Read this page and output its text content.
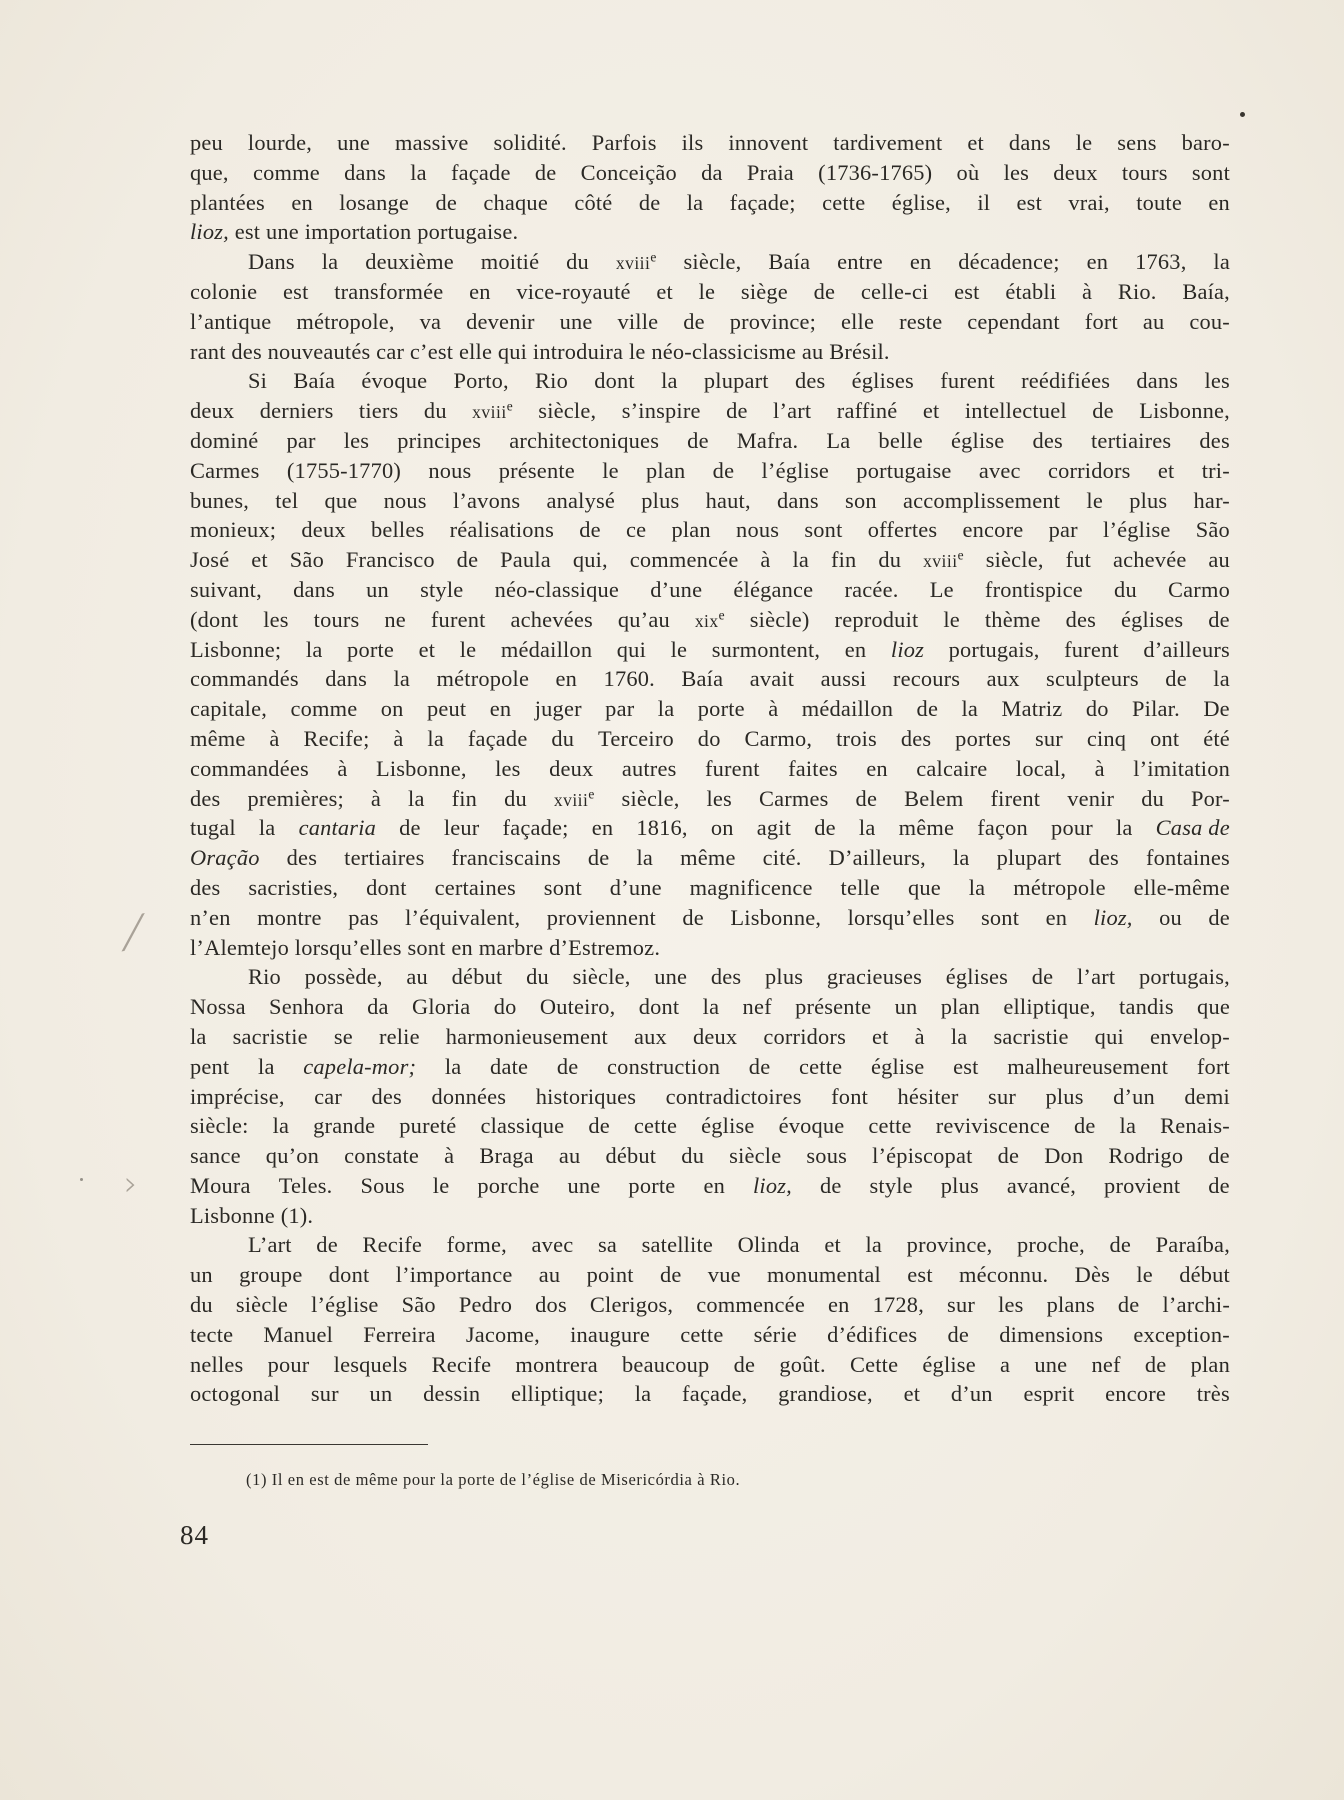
peu lourde, une massive solidité. Parfois ils innovent tardivement et dans le sens baro-
que, comme dans la façade de Conceição da Praia (1736-1765) où les deux tours sont
plantées en losange de chaque côté de la façade; cette église, il est vrai, toute en
lioz, est une importation portugaise.
Dans la deuxième moitié du xviii$^e$ siècle, Baía entre en décadence; en 1763, la
colonie est transformée en vice-royauté et le siège de celle-ci est établi à Rio. Baía,
l’antique métropole, va devenir une ville de province; elle reste cependant fort au cou-
rant des nouveautés car c’est elle qui introduira le néo-classicisme au Brésil.
Si Baía évoque Porto, Rio dont la plupart des églises furent reédifiées dans les
deux derniers tiers du xviii$^e$ siècle, s’inspire de l’art raffiné et intellectuel de Lisbonne,
dominé par les principes architectoniques de Mafra. La belle église des tertiaires des
Carmes (1755-1770) nous présente le plan de l’église portugaise avec corridors et tri-
bunes, tel que nous l’avons analysé plus haut, dans son accomplissement le plus har-
monieux; deux belles réalisations de ce plan nous sont offertes encore par l’église São
José et São Francisco de Paula qui, commencée à la fin du xviii$^e$ siècle, fut achevée au
suivant, dans un style néo-classique d’une élégance racée. Le frontispice du Carmo
(dont les tours ne furent achevées qu’au xix$^e$ siècle) reproduit le thème des églises de
Lisbonne; la porte et le médaillon qui le surmontent, en lioz portugais, furent d’ailleurs
commandés dans la métropole en 1760. Baía avait aussi recours aux sculpteurs de la
capitale, comme on peut en juger par la porte à médaillon de la Matriz do Pilar. De
même à Recife; à la façade du Terceiro do Carmo, trois des portes sur cinq ont été
commandées à Lisbonne, les deux autres furent faites en calcaire local, à l’imitation
des premières; à la fin du xviii$^e$ siècle, les Carmes de Belem firent venir du Por-
tugal la cantaria de leur façade; en 1816, on agit de la même façon pour la Casa de
Oração des tertiaires franciscains de la même cité. D’ailleurs, la plupart des fontaines
des sacristies, dont certaines sont d’une magnificence telle que la métropole elle-même
n’en montre pas l’équivalent, proviennent de Lisbonne, lorsqu’elles sont en lioz, ou de
l’Alemtejo lorsqu’elles sont en marbre d’Estremoz.
Rio possède, au début du siècle, une des plus gracieuses églises de l’art portugais,
Nossa Senhora da Gloria do Outeiro, dont la nef présente un plan elliptique, tandis que
la sacristie se relie harmonieusement aux deux corridors et à la sacristie qui envelop-
pent la capela-mor; la date de construction de cette église est malheureusement fort
imprécise, car des données historiques contradictoires font hésiter sur plus d’un demi
siècle: la grande pureté classique de cette église évoque cette reviviscence de la Renais-
sance qu’on constate à Braga au début du siècle sous l’épiscopat de Don Rodrigo de
Moura Teles. Sous le porche une porte en lioz, de style plus avancé, provient de
Lisbonne (1).
L’art de Recife forme, avec sa satellite Olinda et la province, proche, de Paraíba,
un groupe dont l’importance au point de vue monumental est méconnu. Dès le début
du siècle l’église São Pedro dos Clerigos, commencée en 1728, sur les plans de l’archi-
tecte Manuel Ferreira Jacome, inaugure cette série d’édifices de dimensions exception-
nelles pour lesquels Recife montrera beaucoup de goût. Cette église a une nef de plan
octogonal sur un dessin elliptique; la façade, grandiose, et d’un esprit encore très
(1) Il en est de même pour la porte de l’église de Misericórdia à Rio.
84
⟋
›
